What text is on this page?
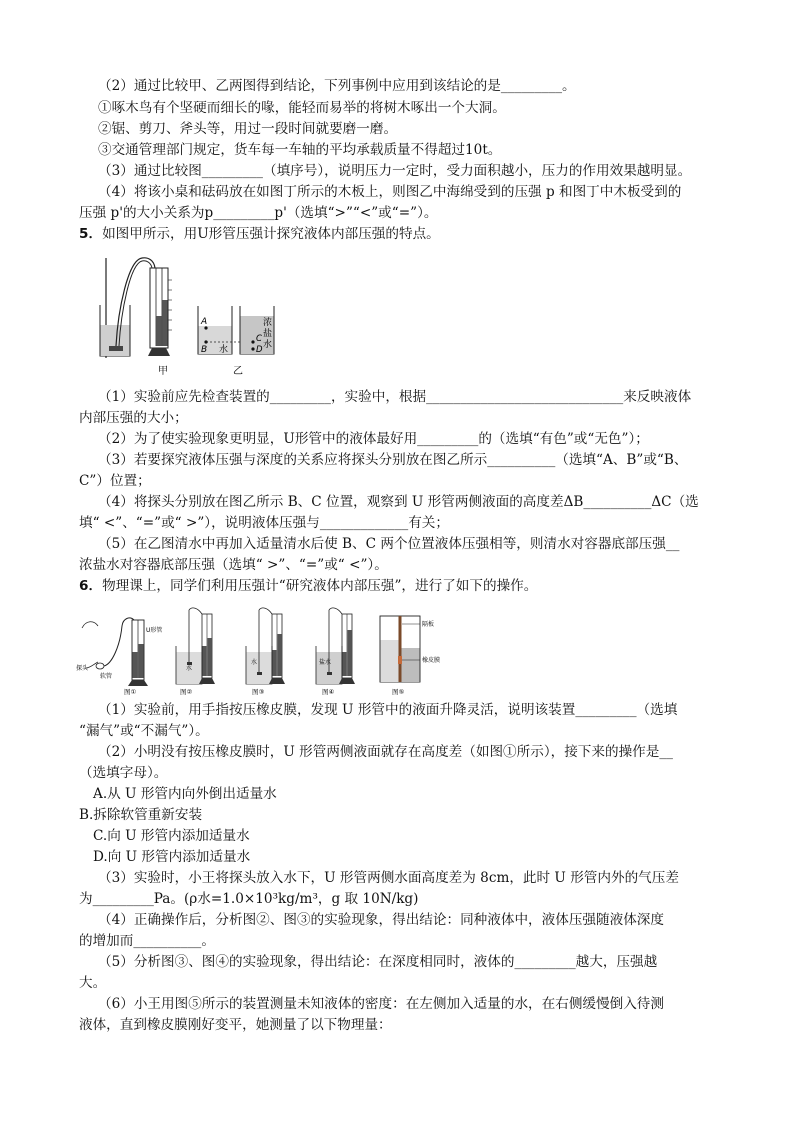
（2）通过比较甲、乙两图得到结论，下列事例中应用到该结论的是_________。
①啄木鸟有个坚硬而细长的喙，能轻而易举的将树木啄出一个大洞。
②锯、剪刀、斧头等，用过一段时间就要磨一磨。
③交通管理部门规定，货车每一车轴的平均承载质量不得超过10t。
（3）通过比较图_________（填序号），说明压力一定时，受力面积越小，压力的作用效果越明显。
（4）将该小桌和砝码放在如图丁所示的木板上，则图乙中海绵受到的压强 p 和图丁中木板受到的
压强 p'的大小关系为p_________p'（选填“>”“<”或“=”）。
5．如图甲所示，用U形管压强计探究液体内部压强的特点。
甲
A
B 水
C
D
浓
盐
水
乙
（1）实验前应先检查装置的_________，实验中，根据_____________________________来反映液体
内部压强的大小；
（2）为了使实验现象更明显，U形管中的液体最好用_________的（选填“有色”或“无色”）；
（3）若要探究液体压强与深度的关系应将探头分别放在图乙所示__________（选填“A、B”或“B、
C”）位置；
（4）将探头分别放在图乙所示 B、C 位置，观察到 U 形管两侧液面的高度差ΔB__________ΔC（选
填“ <”、“=”或“ >”），说明液体压强与_____________有关；
（5）在乙图清水中再加入适量清水后使 B、C 两个位置液体压强相等，则清水对容器底部压强__
浓盐水对容器底部压强（选填“ >”、“=”或“ <”）。
6．物理课上，同学们利用压强计“研究液体内部压强”，进行了如下的操作。
U形管
探头
软管
图①
水
图②
水
图③
盐水
图④
隔板
橡皮膜
图⑤
（1）实验前，用手指按压橡皮膜，发现 U 形管中的液面升降灵活，说明该装置_________（选填
“漏气”或“不漏气”）。
（2）小明没有按压橡皮膜时，U 形管两侧液面就存在高度差（如图①所示），接下来的操作是__
（选填字母）。
A.从 U 形管内向外倒出适量水
B.拆除软管重新安装
C.向 U 形管内添加适量水
D.向 U 形管内添加适量水
（3）实验时，小王将探头放入水下，U 形管两侧水面高度差为 8cm，此时 U 形管内外的气压差
为_________Pa。(ρ水=1.0×10³kg/m³，g 取 10N/kg)
（4）正确操作后，分析图②、图③的实验现象，得出结论：同种液体中，液体压强随液体深度
的增加而__________。
（5）分析图③、图④的实验现象，得出结论：在深度相同时，液体的_________越大，压强越
大。
（6）小王用图⑤所示的装置测量未知液体的密度：在左侧加入适量的水，在右侧缓慢倒入待测
液体，直到橡皮膜刚好变平，她测量了以下物理量：
